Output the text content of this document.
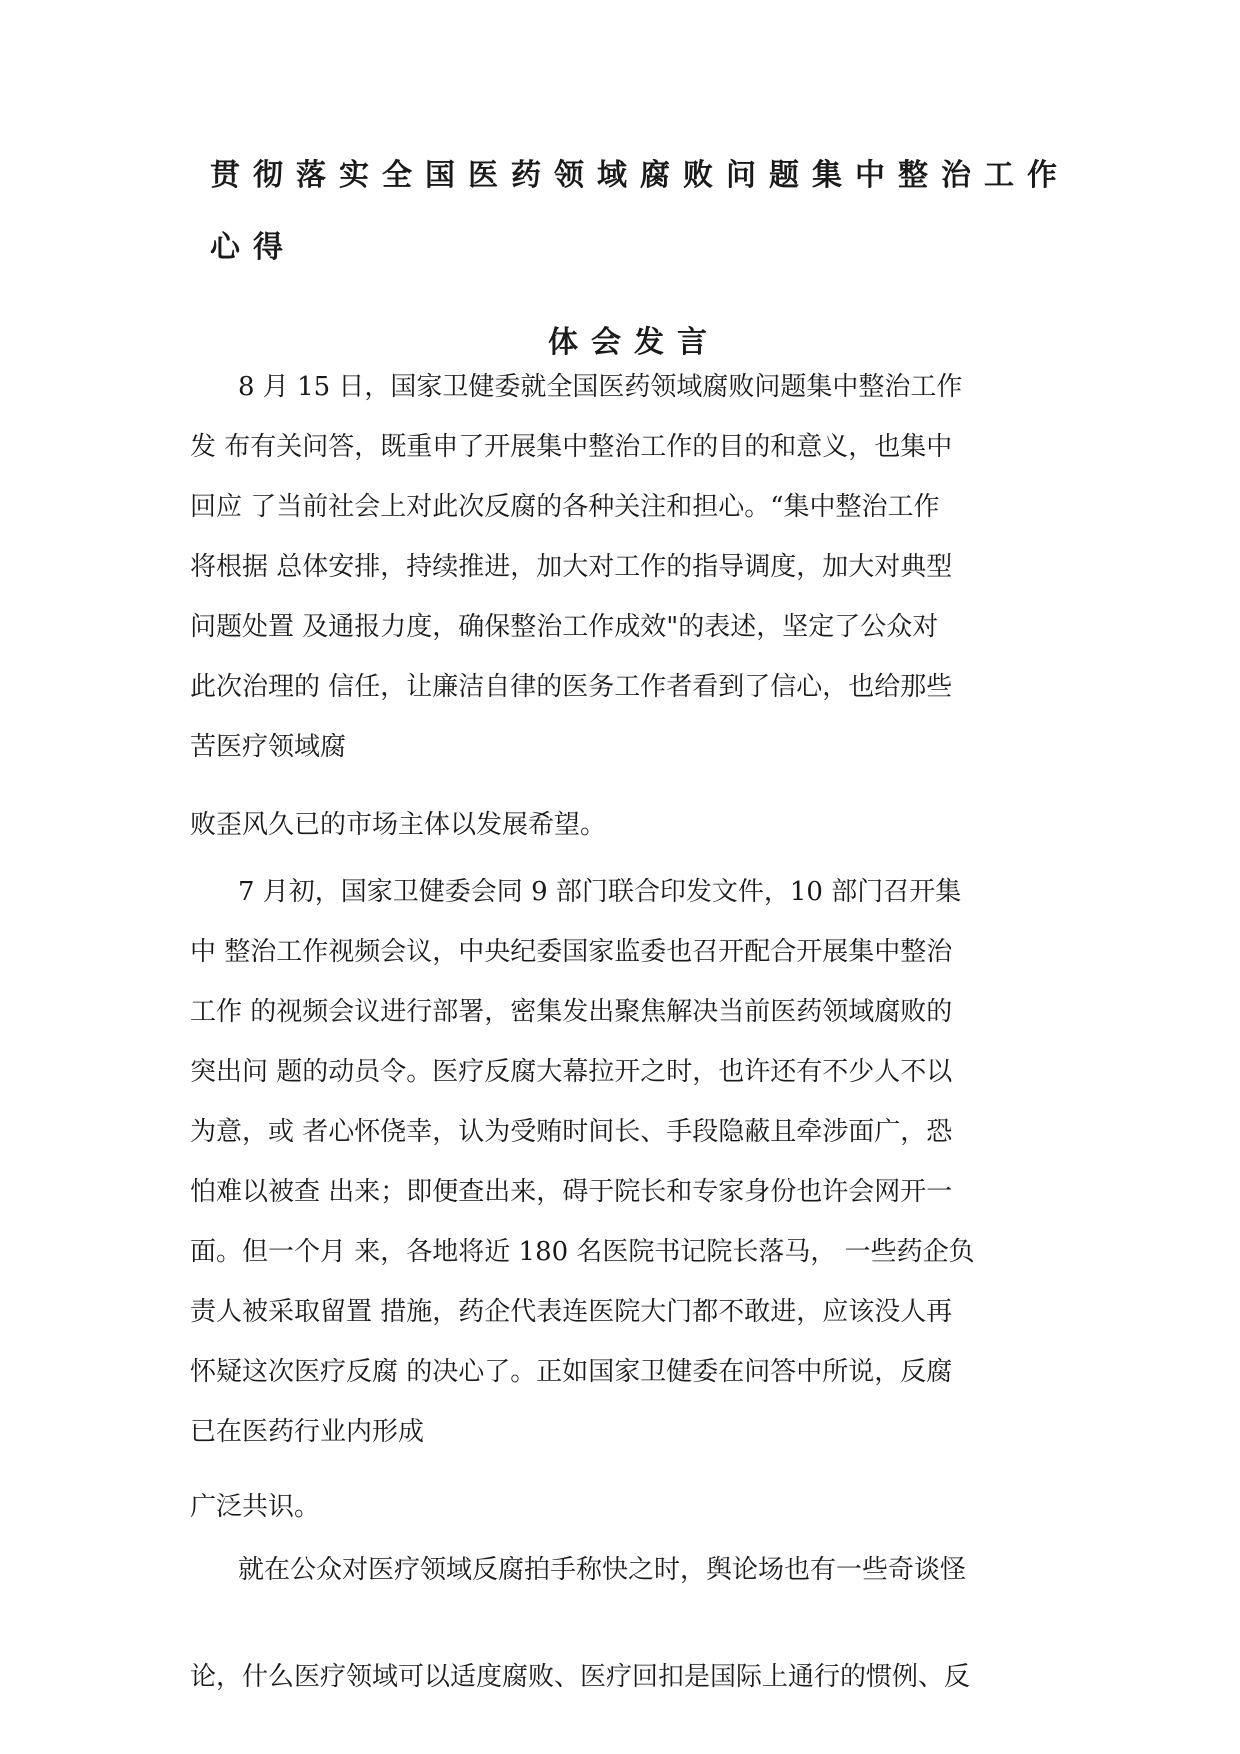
贯彻落实全国医药领域腐败问题集中整治工作
心得
体会发言

8 月 15 日，国家卫健委就全国医药领域腐败问题集中整治工作

发 布有关问答，既重申了开展集中整治工作的目的和意义，也集中

回应 了当前社会上对此次反腐的各种关注和担心。“集中整治工作

将根据 总体安排，持续推进，加大对工作的指导调度，加大对典型

问题处置 及通报力度，确保整治工作成效"的表述，坚定了公众对

此次治理的 信任，让廉洁自律的医务工作者看到了信心，也给那些

苦医疗领域腐

败歪风久已的市场主体以发展希望。

7 月初，国家卫健委会同 9 部门联合印发文件，10 部门召开集

中 整治工作视频会议，中央纪委国家监委也召开配合开展集中整治

工作 的视频会议进行部署，密集发出聚焦解决当前医药领域腐败的

突出问 题的动员令。医疗反腐大幕拉开之时，也许还有不少人不以

为意，或 者心怀侥幸，认为受贿时间长、手段隐蔽且牵涉面广，恐

怕难以被查 出来；即便查出来，碍于院长和专家身份也许会网开一

面。但一个月 来，各地将近 180 名医院书记院长落马， 一些药企负

责人被采取留置 措施，药企代表连医院大门都不敢进，应该没人再

怀疑这次医疗反腐 的决心了。正如国家卫健委在问答中所说，反腐

已在医药行业内形成

广泛共识。

就在公众对医疗领域反腐拍手称快之时，舆论场也有一些奇谈怪

论，什么医疗领域可以适度腐败、医疗回扣是国际上通行的惯例、反
